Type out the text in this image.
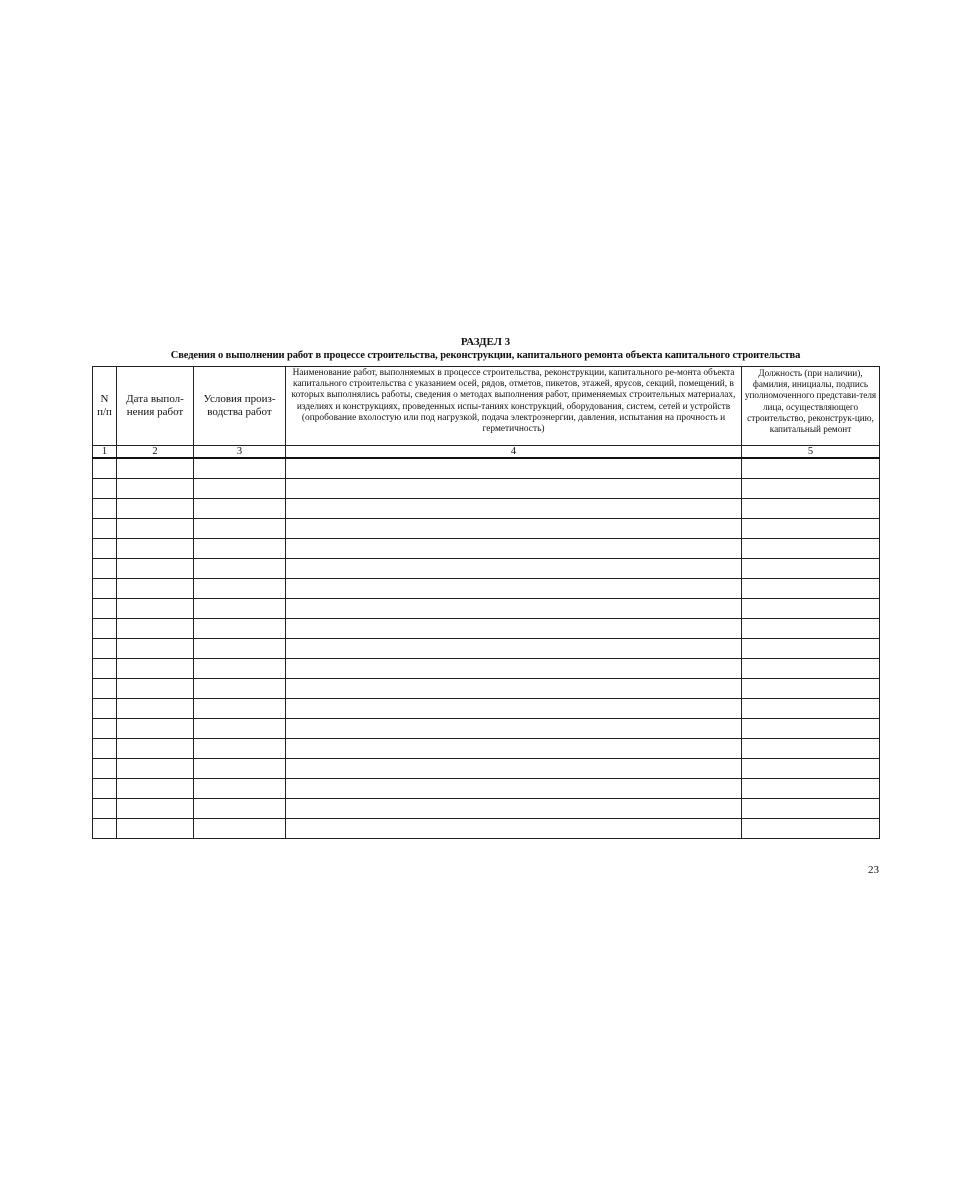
РАЗДЕЛ 3
Сведения о выполнении работ в процессе строительства, реконструкции, капитального ремонта объекта капитального строительства
N п/п	Дата выпол-нения работ	Условия произ-водства работ	Наименование работ, выполняемых в процессе строительства, реконструкции, капитального ре-монта объекта капитального строительства с указанием осей, рядов, отметов, пикетов, этажей, ярусов, секций, помещений, в которых выполнялись работы, сведения о методах выполнения работ, применяемых строительных материалах, изделиях и конструкциях, проведенных испы-таниях конструкций, оборудования, систем, сетей и устройств (опробование вхолостую или под нагрузкой, подача электроэнергии, давления, испытания на прочность и герметичность)	Должность (при наличии), фамилия, инициалы, подпись уполномоченного представи-теля лица, осуществляющего строительство, реконструк-цию, капитальный ремонт
1	2	3	4	5

23
